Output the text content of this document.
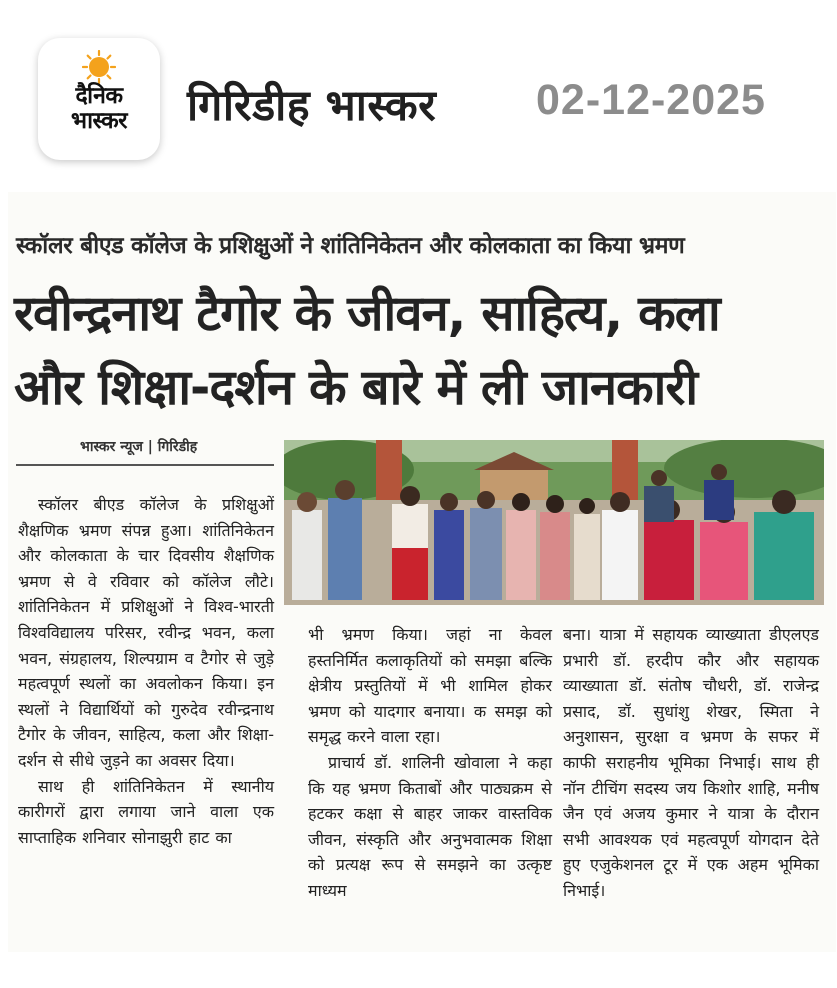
दैनिक
भास्कर गिरिडीह भास्कर 02-12-2025
स्कॉलर बीएड कॉलेज के प्रशिक्षुओं ने शांतिनिकेतन और कोलकाता का किया भ्रमण
रवीन्द्रनाथ टैगोर के जीवन, साहित्य, कला
और शिक्षा-दर्शन के बारे में ली जानकारी
भास्कर न्यूज | गिरिडीह

स्कॉलर बीएड कॉलेज के प्रशिक्षुओं शैक्षणिक भ्रमण संपन्न हुआ। शांतिनिकेतन और कोलकाता के चार दिवसीय शैक्षणिक भ्रमण से वे रविवार को कॉलेज लौटे। शांतिनिकेतन में प्रशिक्षुओं ने विश्व-भारती विश्वविद्यालय परिसर, रवीन्द्र भवन, कला भवन, संग्रहालय, शिल्पग्राम व टैगोर से जुड़े महत्वपूर्ण स्थलों का अवलोकन किया। इन स्थलों ने विद्यार्थियों को गुरुदेव रवीन्द्रनाथ टैगोर के जीवन, साहित्य, कला और शिक्षा-दर्शन से सीधे जुड़ने का अवसर दिया।

साथ ही शांतिनिकेतन में स्थानीय कारीगरों द्वारा लगाया जाने वाला एक साप्ताहिक शनिवार सोनाझुरी हाट का

भी भ्रमण किया। जहां ना केवल हस्तनिर्मित कलाकृतियों को समझा बल्कि क्षेत्रीय प्रस्तुतियों में भी शामिल होकर भ्रमण को यादगार बनाया। क समझ को समृद्ध करने वाला रहा।

प्राचार्य डॉ. शालिनी खोवाला ने कहा कि यह भ्रमण किताबों और पाठ्यक्रम से हटकर कक्षा से बाहर जाकर वास्तविक जीवन, संस्कृति और अनुभवात्मक शिक्षा को प्रत्यक्ष रूप से समझने का उत्कृष्ट माध्यम

बना। यात्रा में सहायक व्याख्याता डीएलएड प्रभारी डॉ. हरदीप कौर और सहायक व्याख्याता डॉ. संतोष चौधरी, डॉ. राजेन्द्र प्रसाद, डॉ. सुधांशु शेखर, स्मिता ने अनुशासन, सुरक्षा व भ्रमण के सफर में काफी सराहनीय भूमिका निभाई। साथ ही नॉन टीचिंग सदस्य जय किशोर शाहि, मनीष जैन एवं अजय कुमार ने यात्रा के दौरान सभी आवश्यक एवं महत्वपूर्ण योगदान देते हुए एजुकेशनल टूर में एक अहम भूमिका निभाई।
